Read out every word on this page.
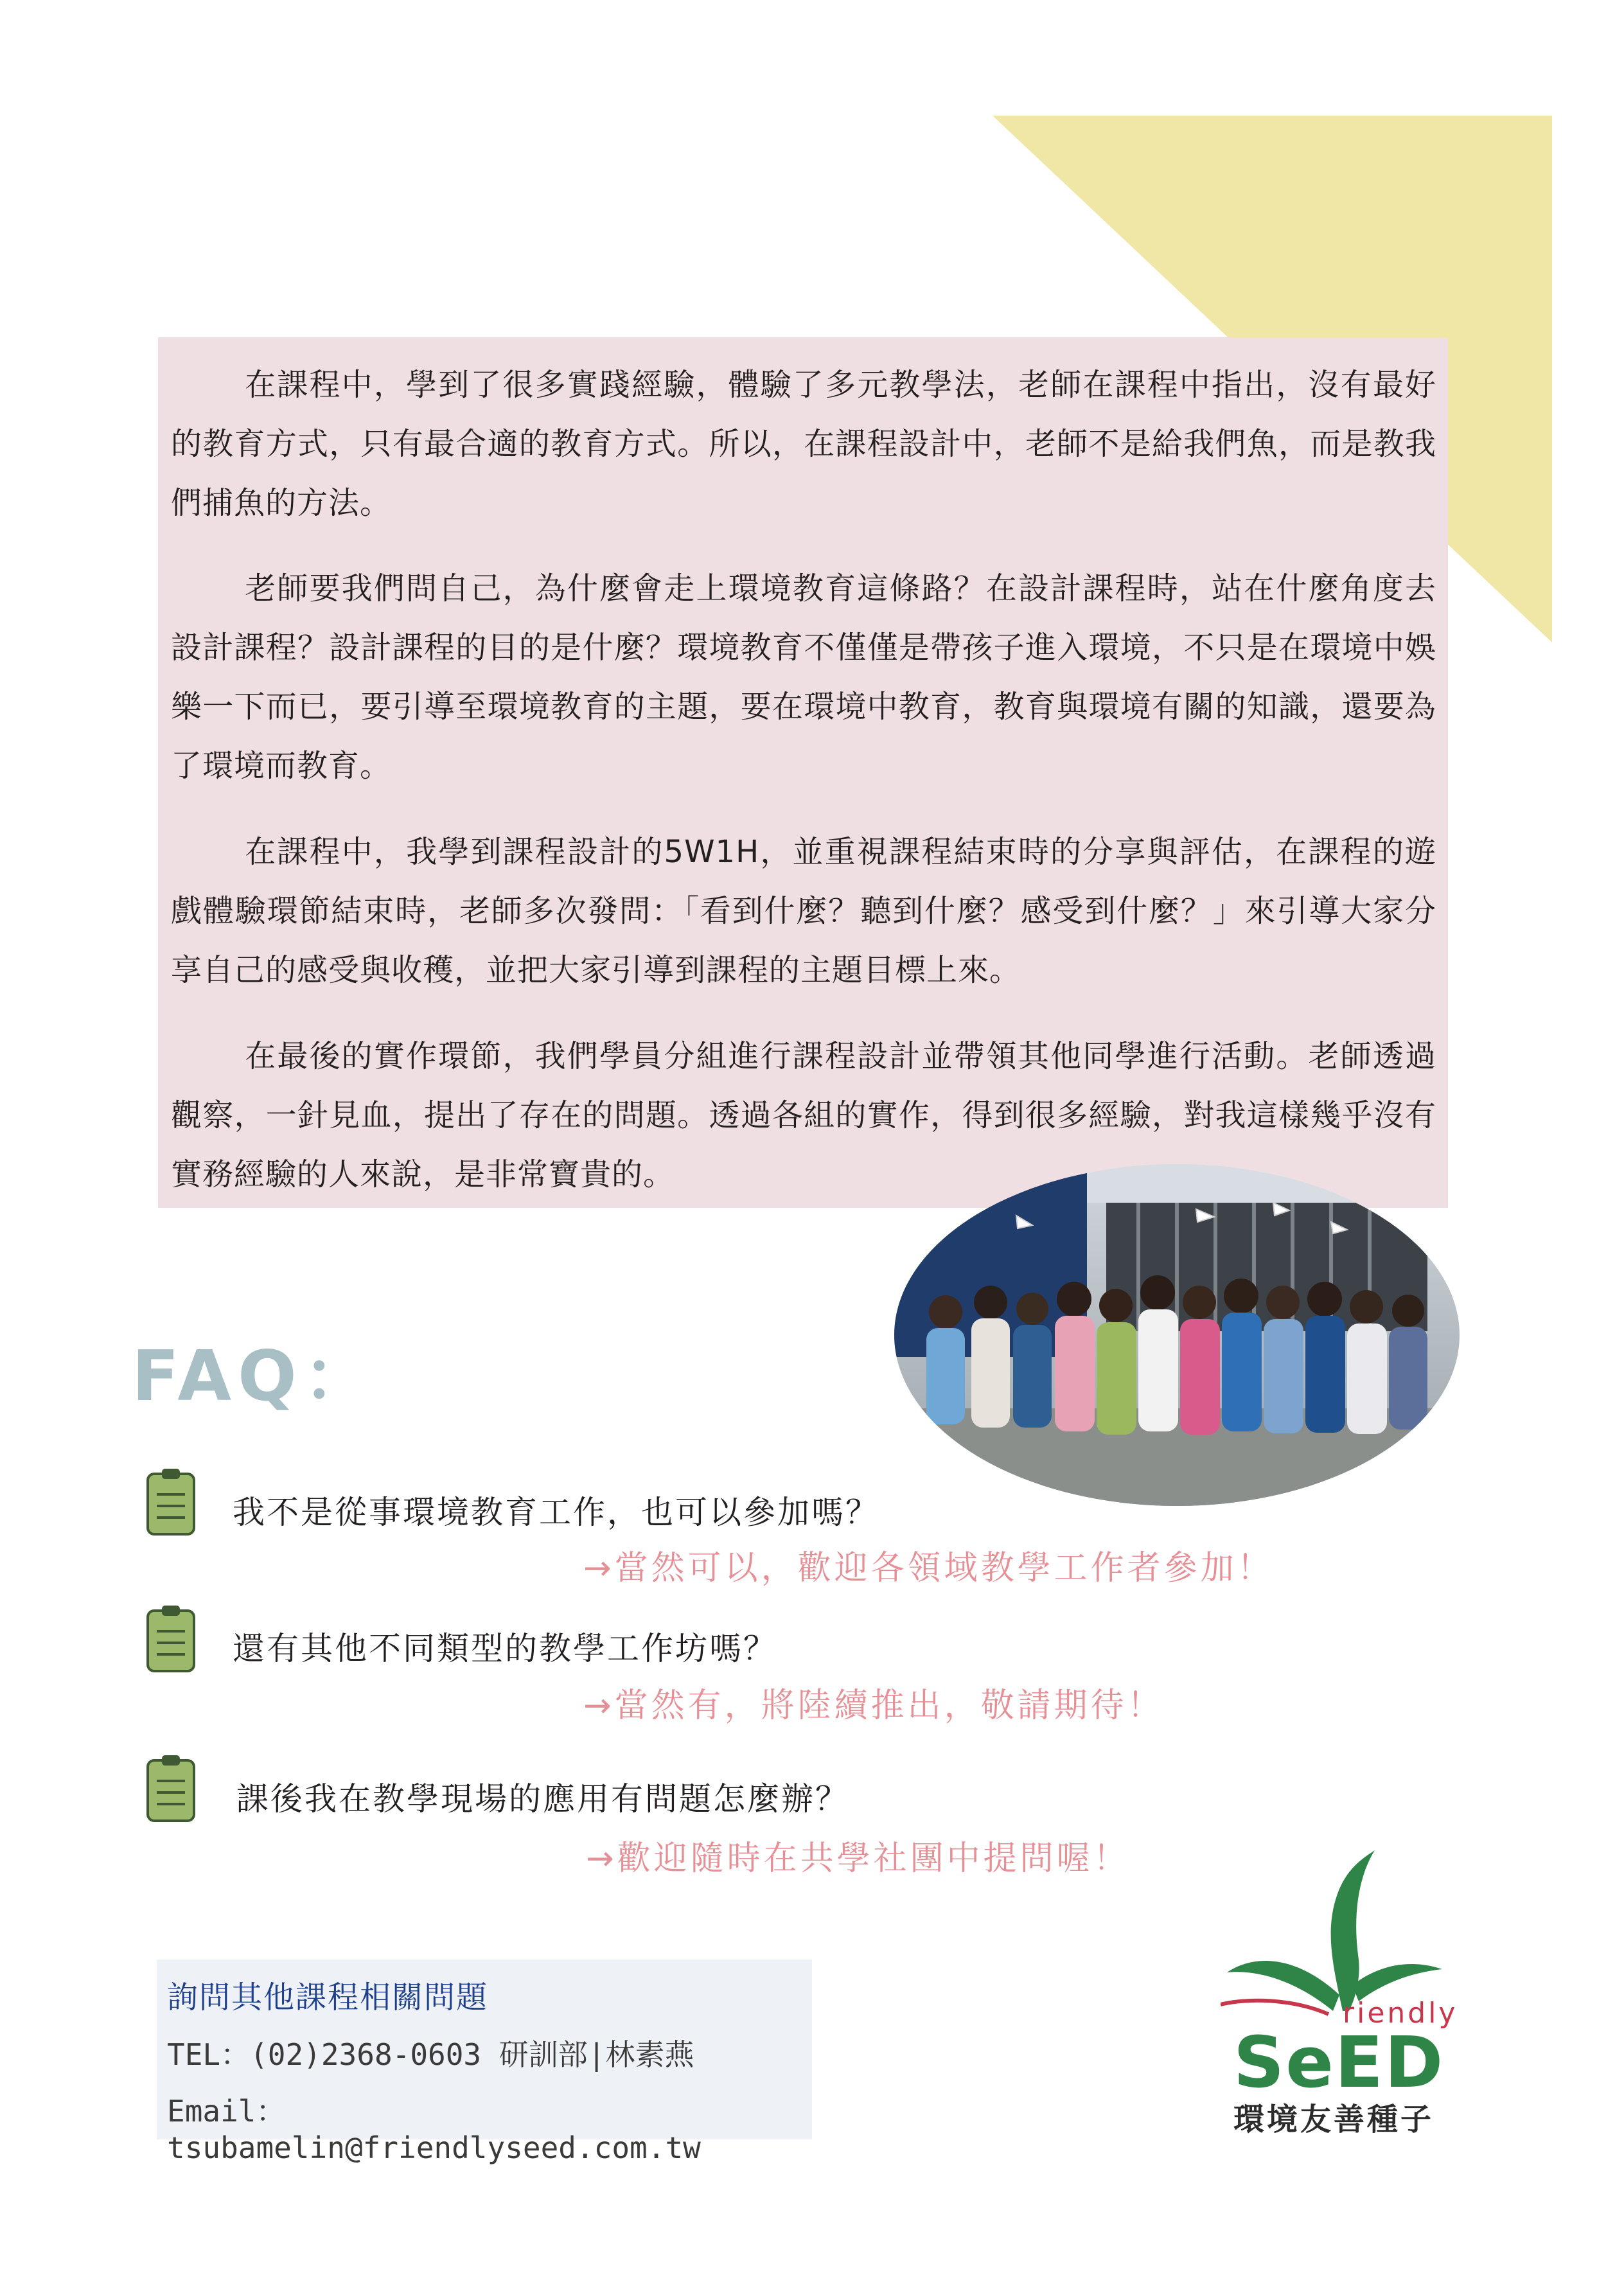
在課程中，學到了很多實踐經驗，體驗了多元教學法，老師在課程中指出，沒有最好的教育方式，只有最合適的教育方式。所以，在課程設計中，老師不是給我們魚，而是教我們捕魚的方法。

老師要我們問自己，為什麼會走上環境教育這條路？在設計課程時，站在什麼角度去設計課程？設計課程的目的是什麼？環境教育不僅僅是帶孩子進入環境，不只是在環境中娛樂一下而已，要引導至環境教育的主題，要在環境中教育，教育與環境有關的知識，還要為了環境而教育。

在課程中，我學到課程設計的5W1H，並重視課程結束時的分享與評估，在課程的遊戲體驗環節結束時，老師多次發問：「看到什麼？聽到什麼？感受到什麼？」來引導大家分享自己的感受與收穫，並把大家引導到課程的主題目標上來。

在最後的實作環節，我們學員分組進行課程設計並帶領其他同學進行活動。老師透過觀察，一針見血，提出了存在的問題。透過各組的實作，得到很多經驗，對我這樣幾乎沒有實務經驗的人來說，是非常寶貴的。

FAQ：
我不是從事環境教育工作，也可以參加嗎？
→當然可以，歡迎各領域教學工作者參加！
還有其他不同類型的教學工作坊嗎？
→當然有，將陸續推出，敬請期待！
課後我在教學現場的應用有問題怎麼辦？
→歡迎隨時在共學社團中提問喔！
詢問其他課程相關問題
TEL：(02)2368-0603 研訓部|林素燕
Email：tsubamelin@friendlyseed.com.tw
riendly
SeED
環境友善種子
